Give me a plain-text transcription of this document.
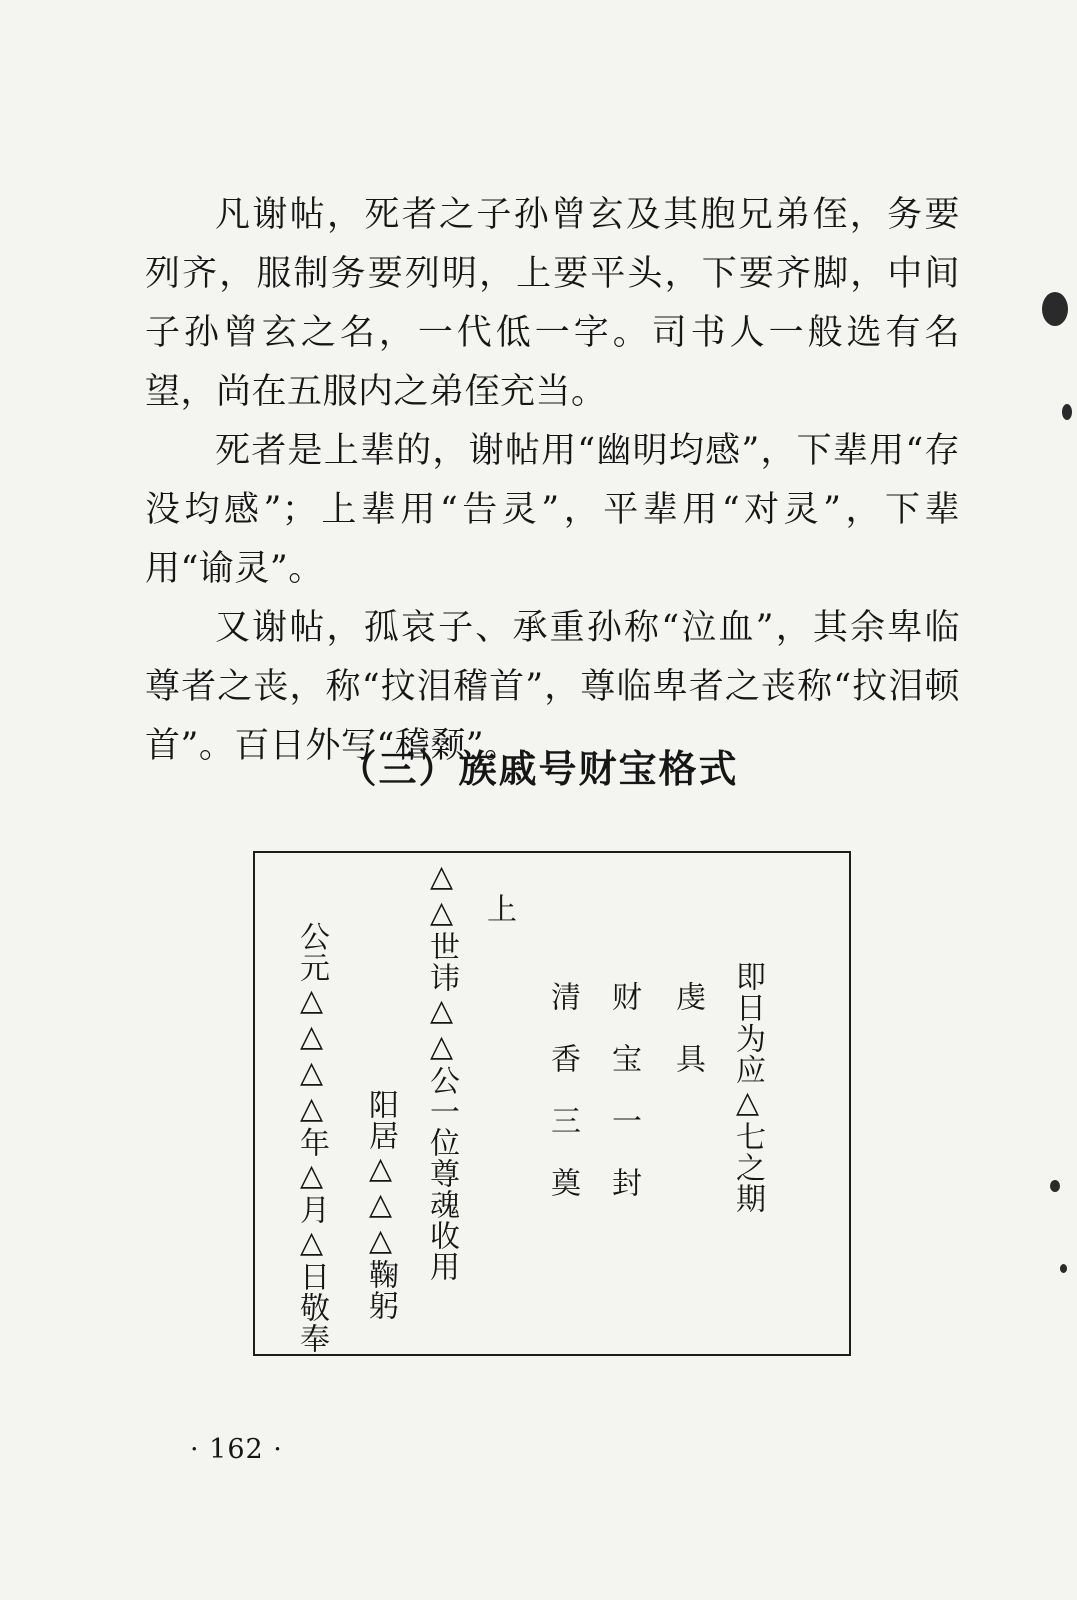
凡谢帖，死者之子孙曾玄及其胞兄弟侄，务要列齐，服制务要列明，上要平头，下要齐脚，中间子孙曾玄之名，一代低一字。司书人一般选有名望，尚在五服内之弟侄充当。

死者是上辈的，谢帖用“幽明均感”，下辈用“存没均感”；上辈用“告灵”，平辈用“对灵”，下辈用“谕灵”。

又谢帖，孤哀子、承重孙称“泣血”，其余卑临尊者之丧，称“抆泪稽首”，尊临卑者之丧称“抆泪顿首”。百日外写“稽颡”。

（三）族戚号财宝格式
即日为应△七之期
虔具
财宝一封
清香三奠
上
△△世讳△△公一位尊魂收用
阳居△△△鞠躬
公元△△△△年△月△日敬奉
· 162 ·
